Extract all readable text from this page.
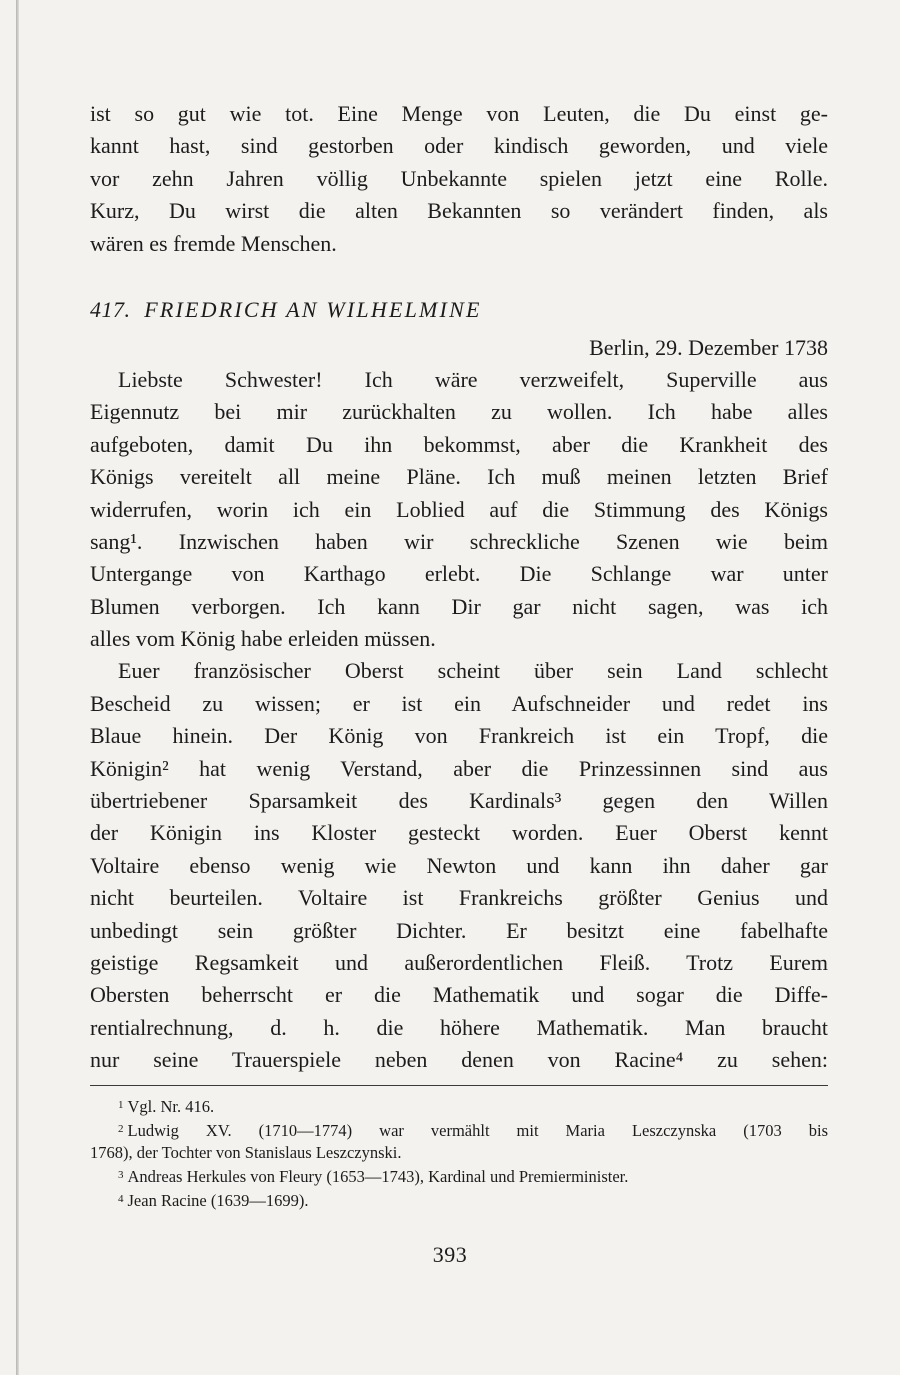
ist so gut wie tot. Eine Menge von Leuten, die Du einst ge-
kannt hast, sind gestorben oder kindisch geworden, und viele
vor zehn Jahren völlig Unbekannte spielen jetzt eine Rolle.
Kurz, Du wirst die alten Bekannten so verändert finden, als
wären es fremde Menschen.
417. FRIEDRICH AN WILHELMINE
Berlin, 29. Dezember 1738
Liebste Schwester! Ich wäre verzweifelt, Superville aus
Eigennutz bei mir zurückhalten zu wollen. Ich habe alles
aufgeboten, damit Du ihn bekommst, aber die Krankheit des
Königs vereitelt all meine Pläne. Ich muß meinen letzten Brief
widerrufen, worin ich ein Loblied auf die Stimmung des Königs
sang¹. Inzwischen haben wir schreckliche Szenen wie beim
Untergange von Karthago erlebt. Die Schlange war unter
Blumen verborgen. Ich kann Dir gar nicht sagen, was ich
alles vom König habe erleiden müssen.
Euer französischer Oberst scheint über sein Land schlecht
Bescheid zu wissen; er ist ein Aufschneider und redet ins
Blaue hinein. Der König von Frankreich ist ein Tropf, die
Königin² hat wenig Verstand, aber die Prinzessinnen sind aus
übertriebener Sparsamkeit des Kardinals³ gegen den Willen
der Königin ins Kloster gesteckt worden. Euer Oberst kennt
Voltaire ebenso wenig wie Newton und kann ihn daher gar
nicht beurteilen. Voltaire ist Frankreichs größter Genius und
unbedingt sein größter Dichter. Er besitzt eine fabelhafte
geistige Regsamkeit und außerordentlichen Fleiß. Trotz Eurem
Obersten beherrscht er die Mathematik und sogar die Diffe-
rentialrechnung, d. h. die höhere Mathematik. Man braucht
nur seine Trauerspiele neben denen von Racine⁴ zu sehen:
$^1$ Vgl. Nr. 416.
$^2$ Ludwig XV. (1710—1774) war vermählt mit Maria Leszczynska (1703 bis
1768), der Tochter von Stanislaus Leszczynski.
$^3$ Andreas Herkules von Fleury (1653—1743), Kardinal und Premierminister.
$^4$ Jean Racine (1639—1699).
393
